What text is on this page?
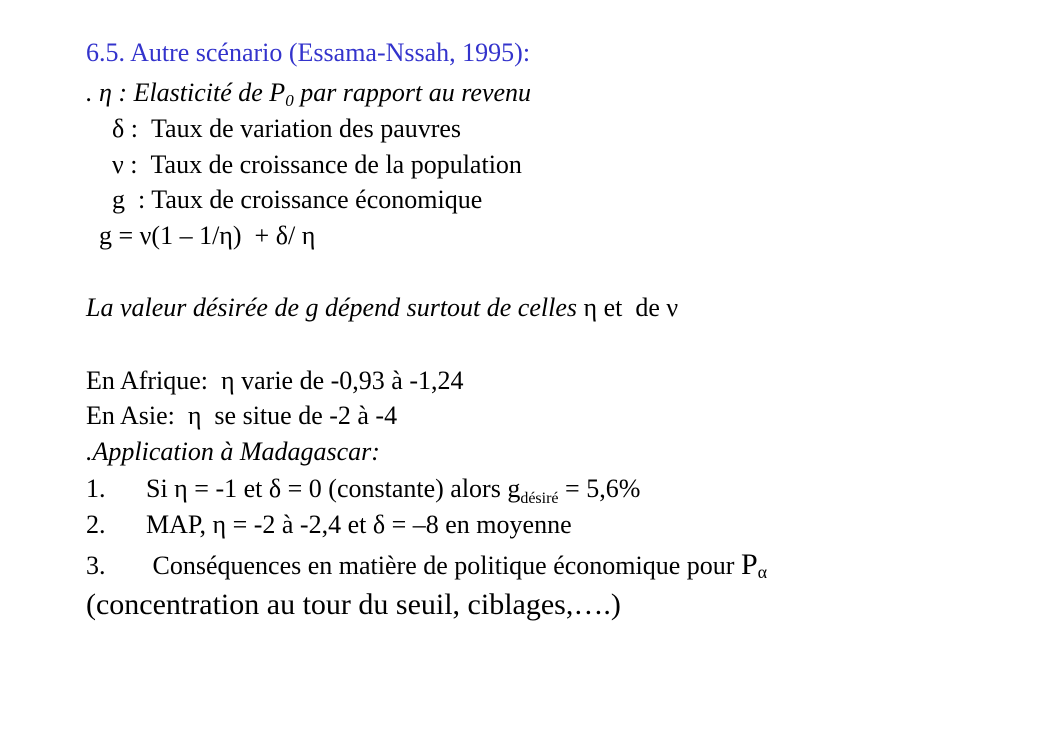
6.5. Autre scénario (Essama-Nssah, 1995):
. η : Elasticité de $P_0$ par rapport au revenu
δ :  Taux de variation des pauvres
ν :  Taux de croissance de la population
g  : Taux de croissance économique
g = ν(1 – 1/η)  + δ/ η
La valeur désirée de g dépend surtout de celles η et  de ν
En Afrique:  η varie de -0,93 à -1,24
En Asie:  η  se situe de -2 à -4
.Application à Madagascar:
1. Si η = -1 et δ = 0 (constante) alors $g_{désiré} = 5,6\%$
2. MAP, η = -2 à -2,4 et δ = –8 en moyenne
3. Conséquences en matière de politique économique pour $P_\alpha$
(concentration au tour du seuil, ciblages,….)
